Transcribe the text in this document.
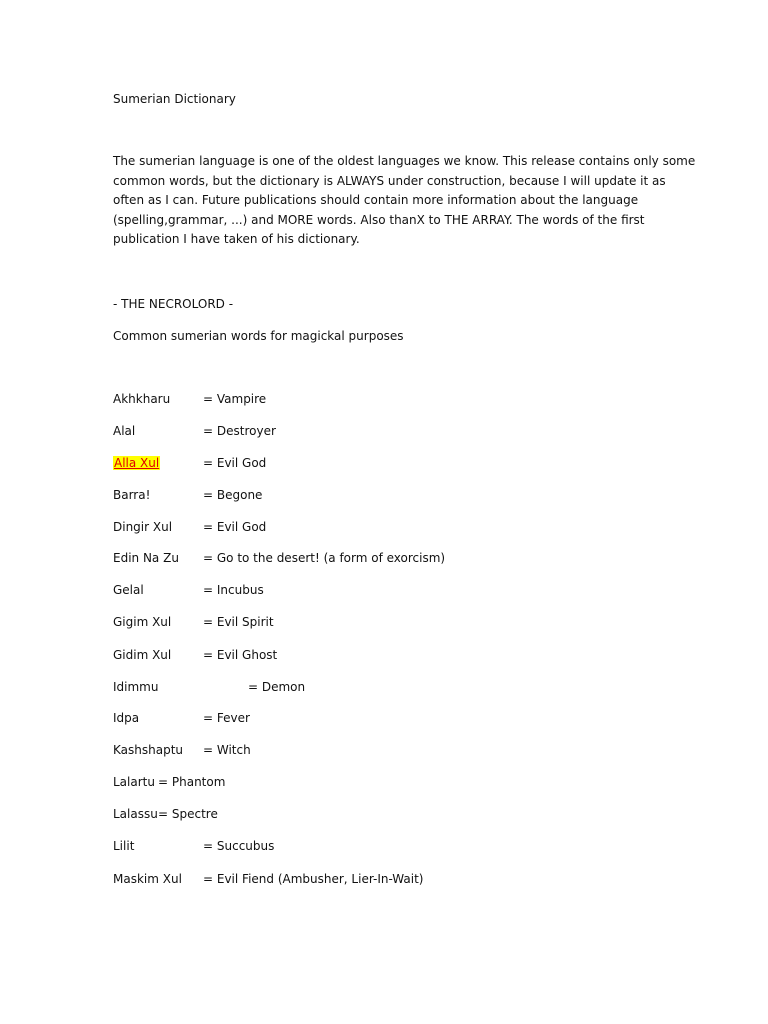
Sumerian Dictionary
The sumerian language is one of the oldest languages we know. This release contains only some
common words, but the dictionary is ALWAYS under construction, because I will update it as
often as I can. Future publications should contain more information about the language
(spelling,grammar, ...) and MORE words. Also thanX to THE ARRAY. The words of the first
publication I have taken of his dictionary.
- THE NECROLORD -
Common sumerian words for magickal purposes
Akhkharu	= Vampire
Alal	= Destroyer
Alla Xul	= Evil God
Barra!	= Begone
Dingir Xul	= Evil God
Edin Na Zu = Go to the desert! (a form of exorcism)
Gelal	= Incubus
Gigim Xul	= Evil Spirit
Gidim Xul	= Evil Ghost
Idimmu	= Demon
Idpa	= Fever
Kashshaptu = Witch
Lalartu = Phantom
Lalassu = Spectre
Lilit	= Succubus
Maskim Xul = Evil Fiend (Ambusher, Lier-In-Wait)
